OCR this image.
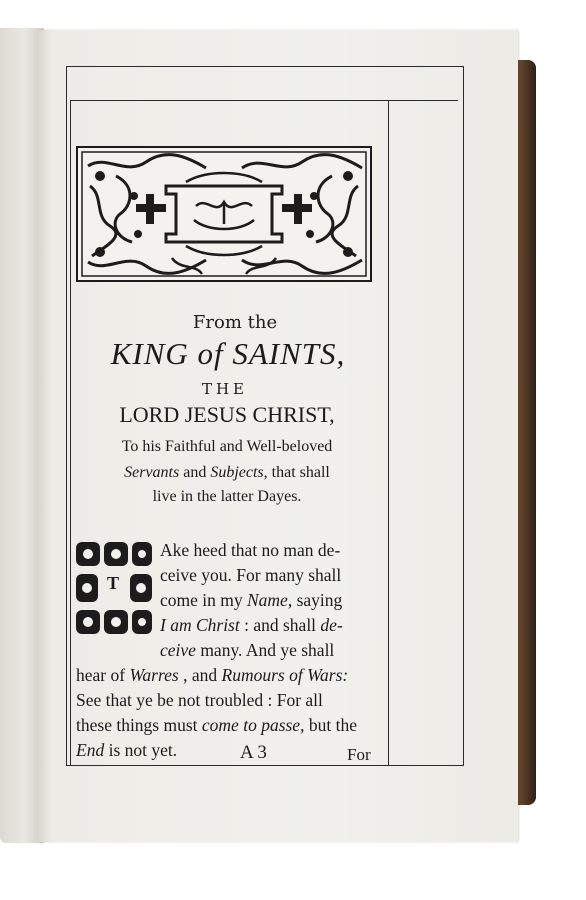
From the
KING of SAINTS,
THE
LORD JESUS CHRIST,
To his Faithful and Well-beloved
Servants and Subjects, that shall
live in the latter Dayes.
T
Ake heed that no man de-
ceive you. For many shall
come in my Name, saying
I am Christ : and shall de-
ceive many. And ye shall
hear of Warres , and Rumours of Wars:
See that ye be not troubled : For all
these things must come to passe, but the
End is not yet.	A 3	For
